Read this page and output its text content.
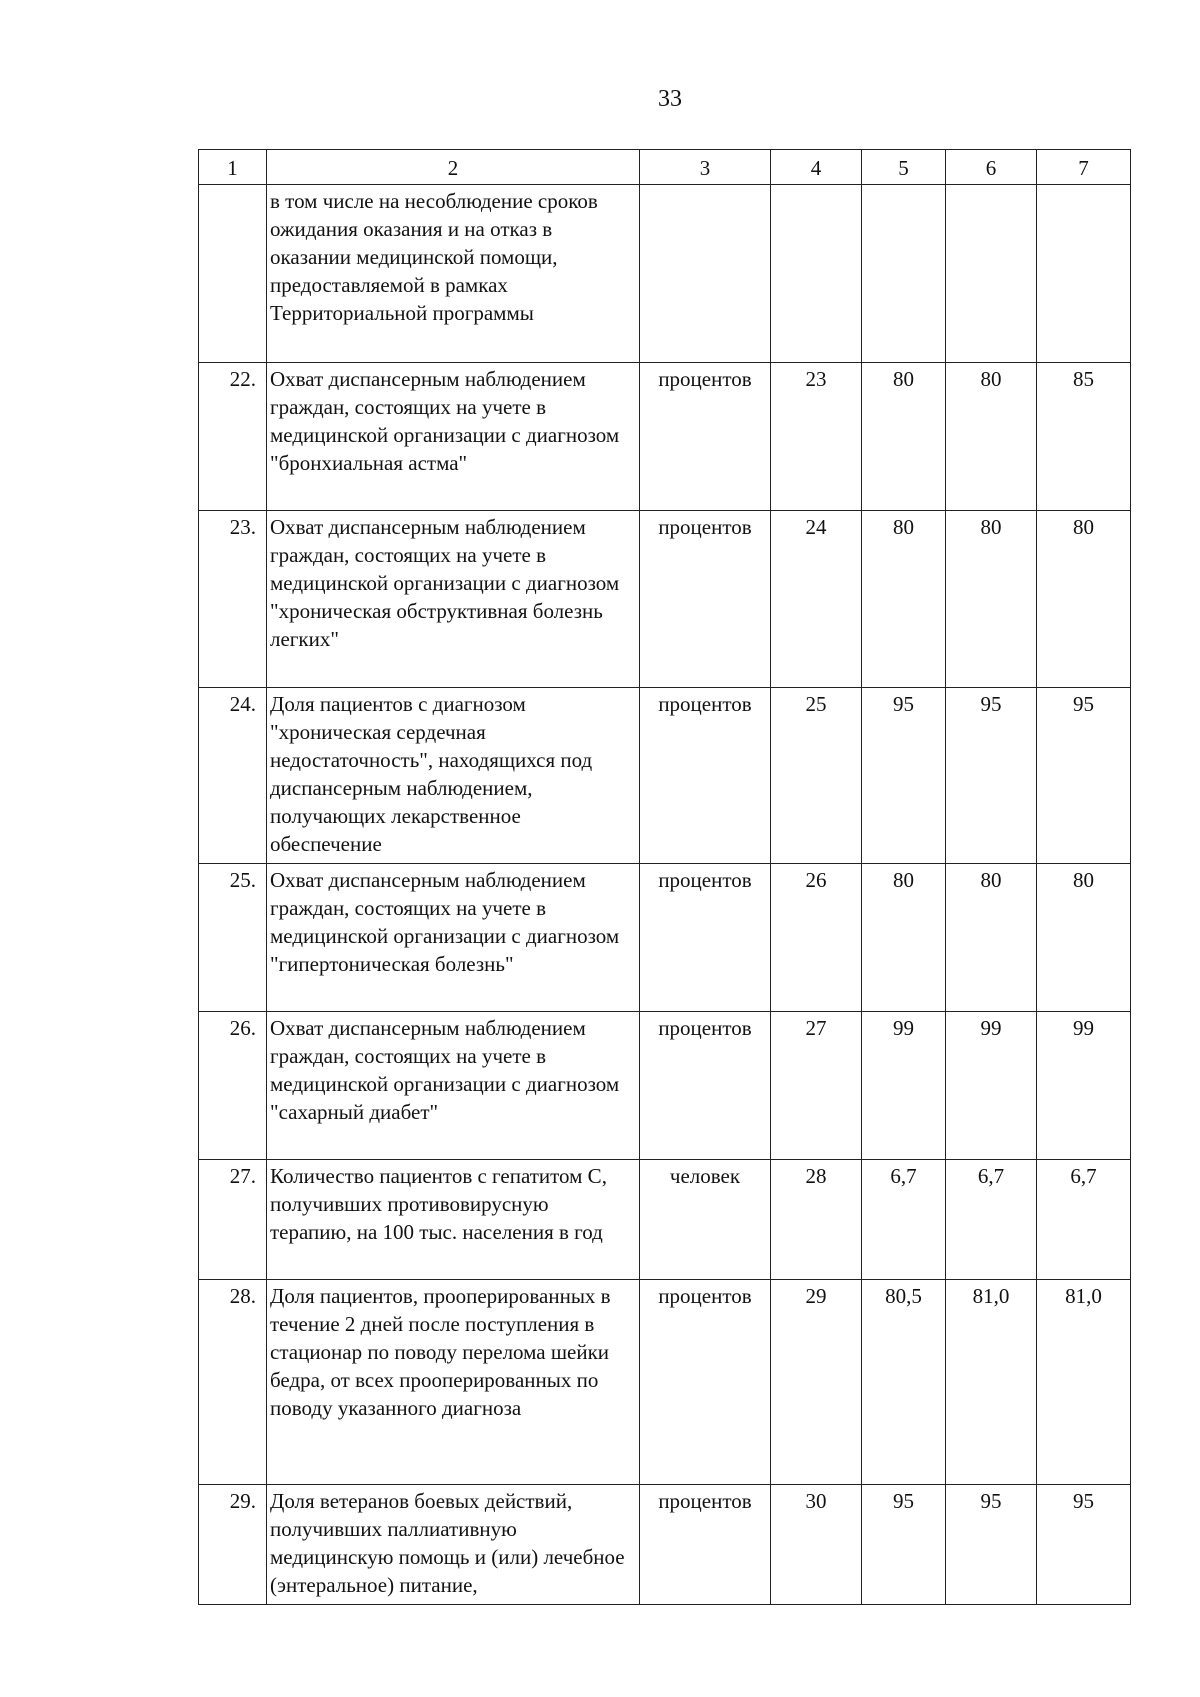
33
1	2	3	4	5	6	7
	в том числе на несоблюдение сроков ожидания оказания и на отказ в оказании медицинской помощи, предоставляемой в рамках Территориальной программы					
22.	Охват диспансерным наблюдением граждан, состоящих на учете в медицинской организации с диагнозом "бронхиальная астма"	процентов	23	80	80	85
23.	Охват диспансерным наблюдением граждан, состоящих на учете в медицинской организации с диагнозом "хроническая обструктивная болезнь легких"	процентов	24	80	80	80
24.	Доля пациентов с диагнозом "хроническая сердечная недостаточность", находящихся под диспансерным наблюдением, получающих лекарственное обеспечение	процентов	25	95	95	95
25.	Охват диспансерным наблюдением граждан, состоящих на учете в медицинской организации с диагнозом "гипертоническая болезнь"	процентов	26	80	80	80
26.	Охват диспансерным наблюдением граждан, состоящих на учете в медицинской организации с диагнозом "сахарный диабет"	процентов	27	99	99	99
27.	Количество пациентов с гепатитом С, получивших противовирусную терапию, на 100 тыс. населения в год	человек	28	6,7	6,7	6,7
28.	Доля пациентов, прооперированных в течение 2 дней после поступления в стационар по поводу перелома шейки бедра, от всех прооперированных по поводу указанного диагноза	процентов	29	80,5	81,0	81,0
29.	Доля ветеранов боевых действий, получивших паллиативную медицинскую помощь и (или) лечебное (энтеральное) питание,	процентов	30	95	95	95
